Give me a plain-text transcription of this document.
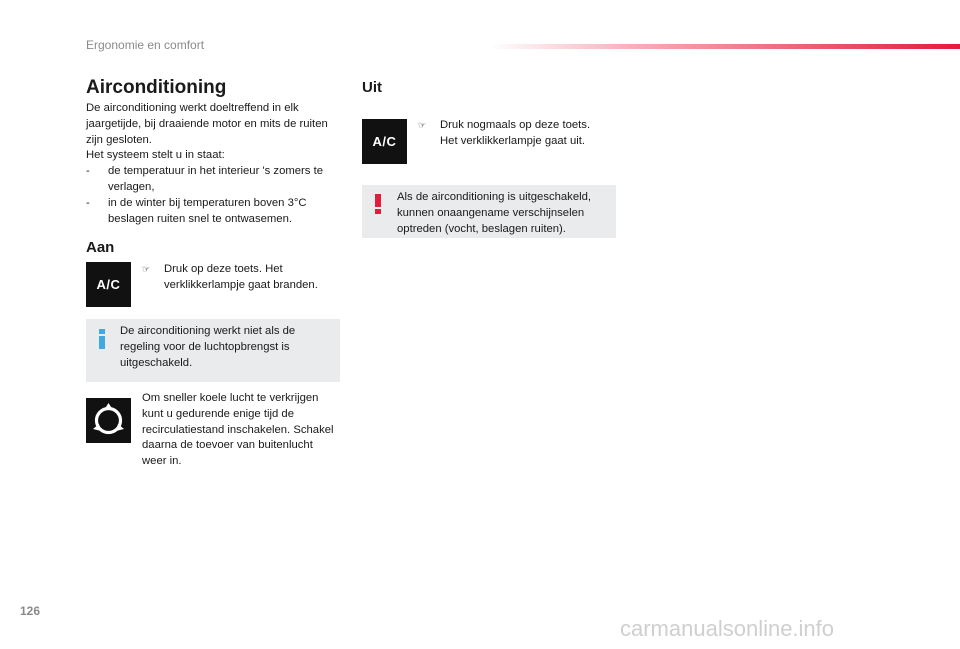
Ergonomie en comfort
Airconditioning

De airconditioning werkt doeltreffend in elk jaargetijde, bij draaiende motor en mits de ruiten zijn gesloten.

Het systeem stelt u in staat:

- de temperatuur in het interieur 's zomers te verlagen,

- in de winter bij temperaturen boven 3°C beslagen ruiten snel te ontwasemen.

Aan
A/C
☞ Druk op deze toets. Het verklikkerlampje gaat branden.
De airconditioning werkt niet als de regeling voor de luchtopbrengst is uitgeschakeld.
Om sneller koele lucht te verkrijgen kunt u gedurende enige tijd de recirculatiestand inschakelen. Schakel daarna de toevoer van buitenlucht weer in.
Uit
A/C
☞ Druk nogmaals op deze toets. Het verklikkerlampje gaat uit.
Als de airconditioning is uitgeschakeld, kunnen onaangename verschijnselen optreden (vocht, beslagen ruiten).
126
carmanualsonline.info
